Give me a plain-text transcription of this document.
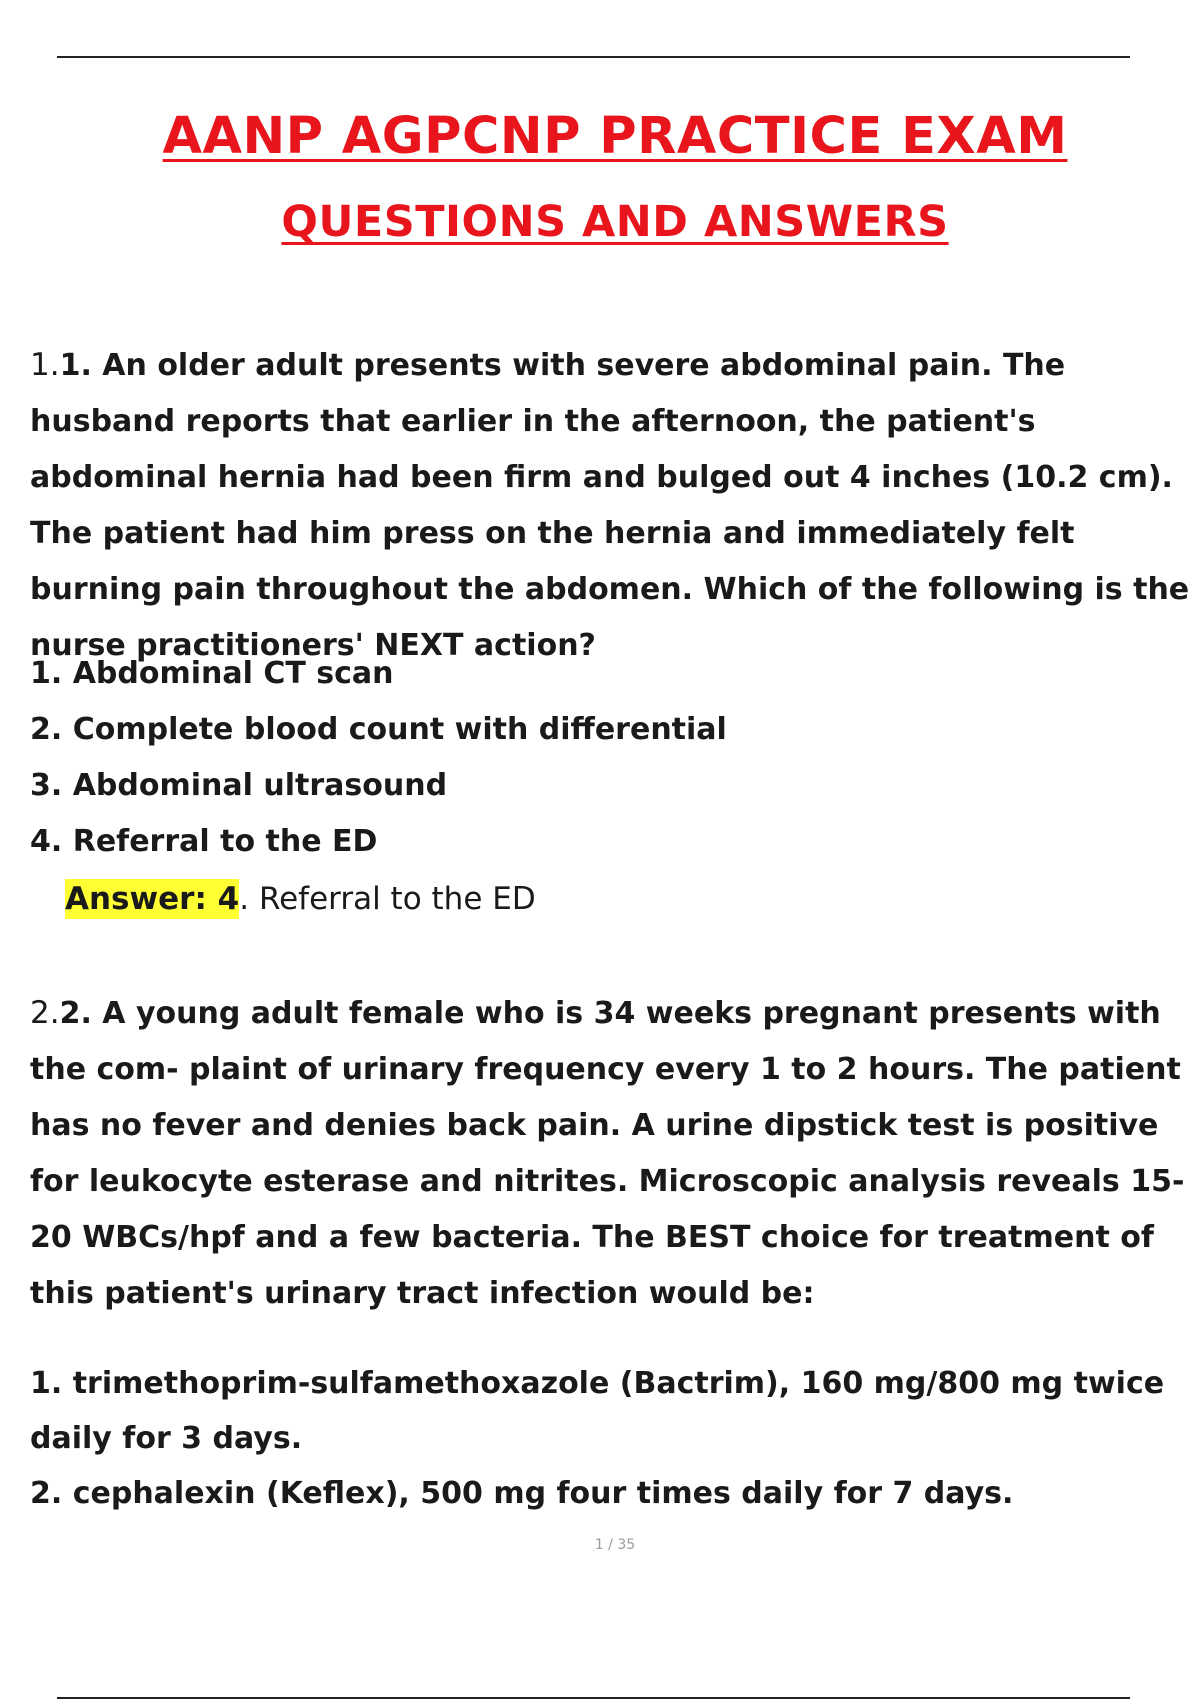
AANP AGPCNP PRACTICE EXAM
QUESTIONS AND ANSWERS

1.1. An older adult presents with severe abdominal pain. The husband reports that earlier in the afternoon, the patient's abdominal hernia had been firm and bulged out 4 inches (10.2 cm). The patient had him press on the hernia and immediately felt burning pain throughout the abdomen. Which of the following is the nurse practitioners' NEXT action?

1. Abdominal CT scan
2. Complete blood count with differential
3. Abdominal ultrasound
4. Referral to the ED
Answer: 4. Referral to the ED

2.2. A young adult female who is 34 weeks pregnant presents with the com- plaint of urinary frequency every 1 to 2 hours. The patient has no fever and denies back pain. A urine dipstick test is positive for leukocyte esterase and nitrites. Microscopic analysis reveals 15-20 WBCs/hpf and a few bacteria. The BEST choice for treatment of this patient's urinary tract infection would be:

1. trimethoprim-sulfamethoxazole (Bactrim), 160 mg/800 mg twice daily for 3 days.
2. cephalexin (Keflex), 500 mg four times daily for 7 days.
1 / 35
